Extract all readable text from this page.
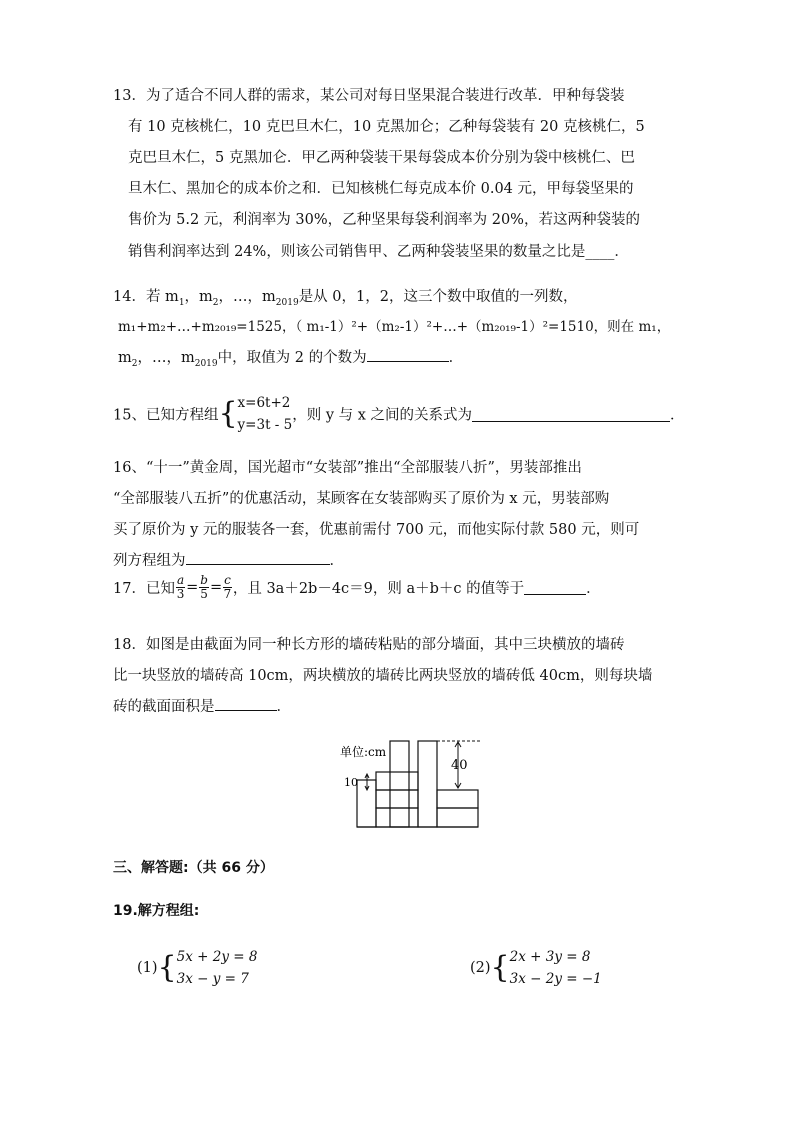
13．为了适合不同人群的需求，某公司对每日坚果混合装进行改革．甲种每袋装
有 10 克核桃仁，10 克巴旦木仁，10 克黑加仑；乙种每袋装有 20 克核桃仁，5
克巴旦木仁，5 克黑加仑．甲乙两种袋装干果每袋成本价分别为袋中核桃仁、巴
旦木仁、黑加仑的成本价之和．已知核桃仁每克成本价 0.04 元，甲每袋坚果的
售价为 5.2 元，利润率为 30%，乙种坚果每袋利润率为 20%，若这两种袋装的
销售利润率达到 24%，则该公司销售甲、乙两种袋装坚果的数量之比是____．
14．若 $m_1$，$m_2$，…，$m_{2019}$是从 0，1，2，这三个数中取值的一列数，
m₁+m₂+…+m₂₀₁₉=1525，（ m₁-1）²+（m₂-1）²+…+（m₂₀₁₉-1）²=1510，则在 m₁，
$m_2$，…，$m_{2019}$中，取值为 2 的个数为	．
15、已知方程组{ x=6t+2
y=3t - 5
，则 y 与 x 之间的关系式为	．
16、“十一”黄金周，国光超市“女装部”推出“全部服装八折”，男装部推出
“全部服装八五折”的优惠活动，某顾客在女装部购买了原价为 x 元，男装部购
买了原价为 y 元的服装各一套，优惠前需付 700 元，而他实际付款 580 元，则可
列方程组为	．
17．已知 $\frac{a}{3} = \frac{b}{5} = \frac{c}{7}$ ，且 3a＋2b－4c＝9，则 a＋b＋c 的值等于	．
18．如图是由截面为同一种长方形的墙砖粘贴的部分墙面，其中三块横放的墙砖
比一块竖放的墙砖高 10cm，两块横放的墙砖比两块竖放的墙砖低 40cm，则每块墙
砖的截面面积是	．
单位:cm
40
10
三、解答题:（共 66 分）
19.解方程组:
(1){ 5x + 2y = 8
3x − y = 7
(2){ 2x + 3y = 8
3x − 2y = −1
